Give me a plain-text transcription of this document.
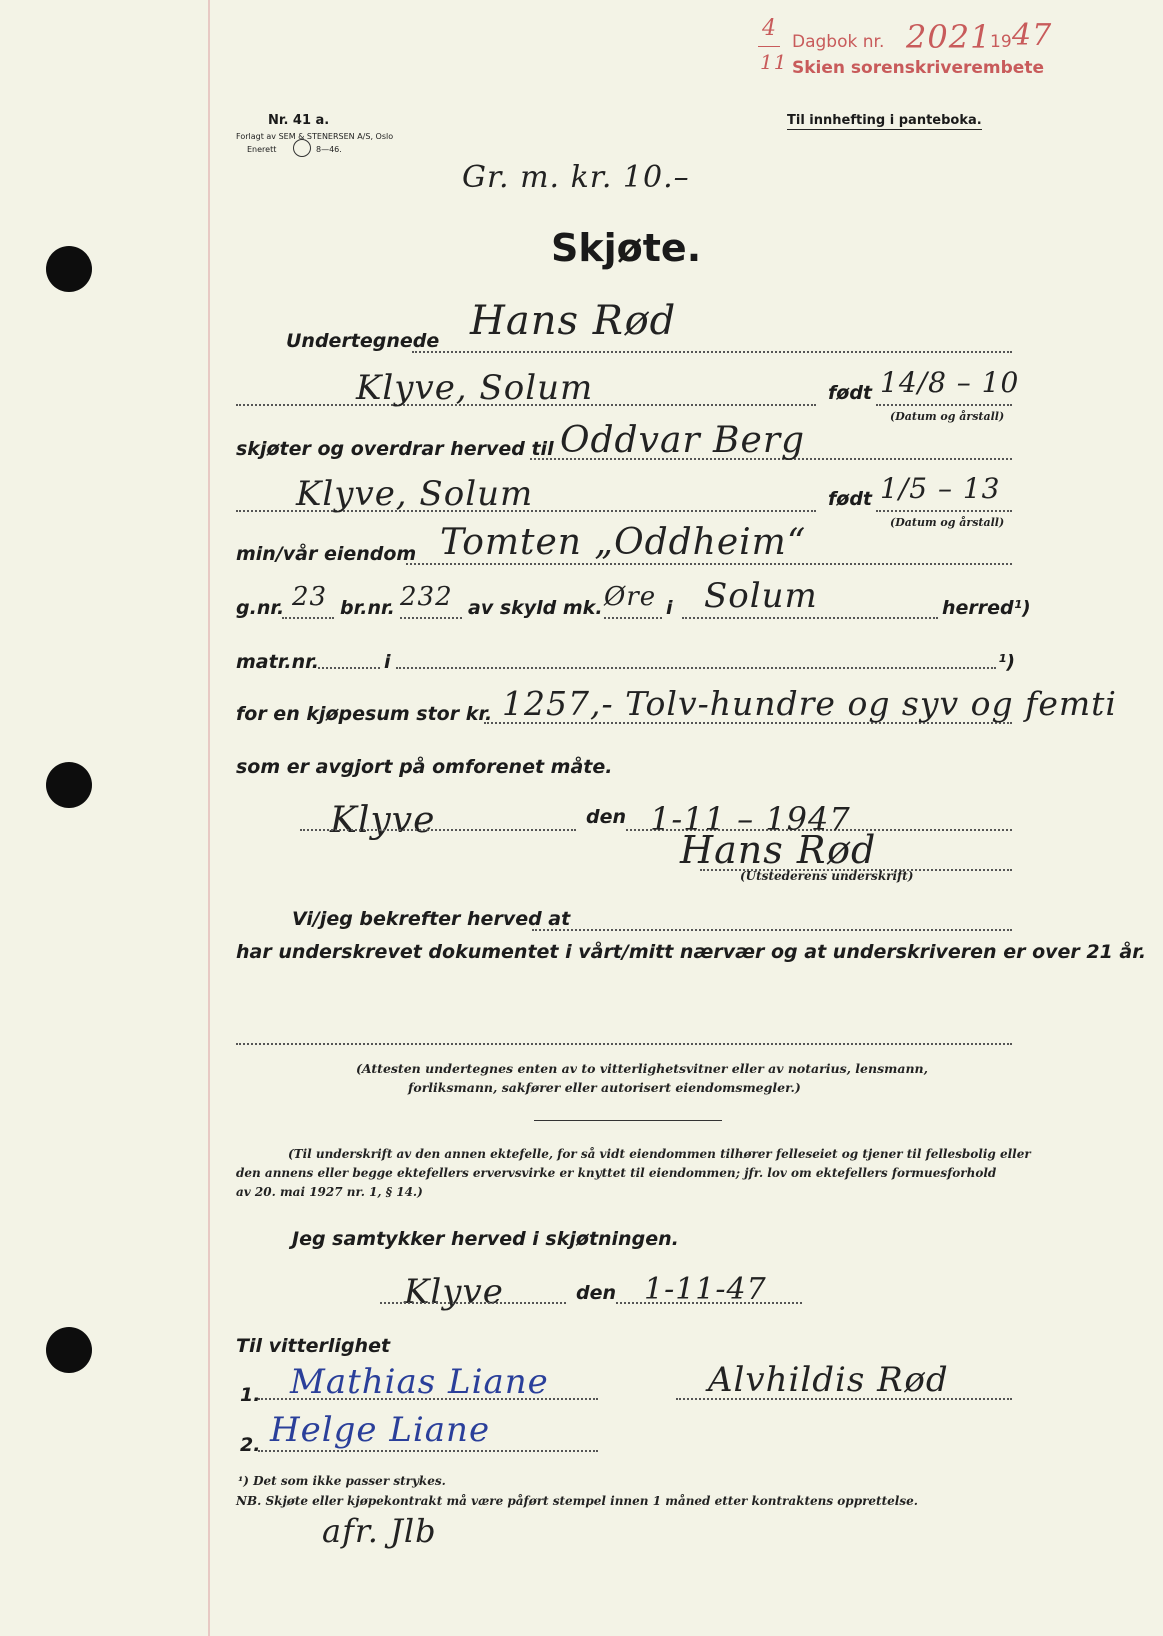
4
11
Dagbok nr. 2021
19 47
Skien sorenskriverembete
Nr. 41 a.
Forlagt av SEM & STENERSEN A/S, Oslo
Enerett	8—46.
Til innhefting i panteboka.
Gr. m. kr. 10.–
Skjøte.
Undertegnede Hans Rød
Klyve, Solum	født 14/8 – 10
(Datum og årstall)
skjøter og overdrar herved til Oddvar Berg
Klyve, Solum	født 1/5 – 13
(Datum og årstall)
min/vår eiendom Tomten „Oddheim“
g.nr. 23 br.nr. 232 av skyld mk. Øre i Solum	herred¹)
matr.nr.	i	¹)
for en kjøpesum stor kr. 1257,- Tolv-hundre og syv og femti
som er avgjort på omforenet måte.
Klyve	den 1-11 – 1947
Hans Rød
(Utstederens underskrift)
Vi/jeg bekrefter herved at
har underskrevet dokumentet i vårt/mitt nærvær og at underskriveren er over 21 år.
(Attesten undertegnes enten av to vitterlighetsvitner eller av notarius, lensmann,
forliksmann, sakfører eller autorisert eiendomsmegler.)
(Til underskrift av den annen ektefelle, for så vidt eiendommen tilhører felleseiet og tjener til fellesbolig eller
den annens eller begge ektefellers ervervsvirke er knyttet til eiendommen; jfr. lov om ektefellers formuesforhold
av 20. mai 1927 nr. 1, § 14.)
Jeg samtykker herved i skjøtningen.
Klyve	den 1-11-47
Til vitterlighet
1. Mathias Liane	Alvhildis Rød
2. Helge Liane
¹) Det som ikke passer strykes.
NB. Skjøte eller kjøpekontrakt må være påført stempel innen 1 måned etter kontraktens opprettelse.
afr. Jlb
